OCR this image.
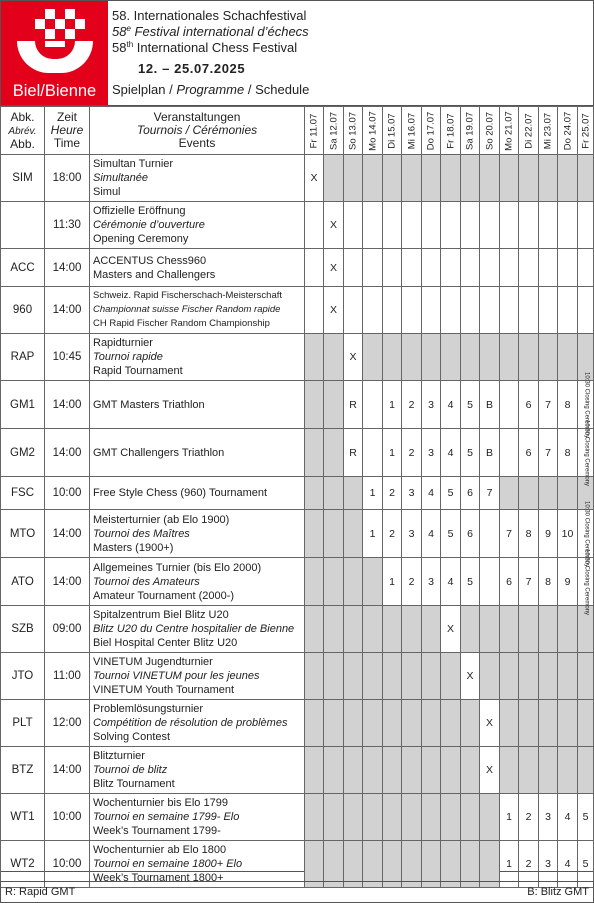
Biel/Bienne
58. Internationales Schachfestival
58e Festival international d’échecs
58th International Chess Festival
12. – 25.07.2025
Spielplan / Programme / Schedule
Abk.
Abrév.
Abb.	Zeit
Heure
Time	Veranstaltungen
Tournois / Cérémonies
Events	Fr 11.07	Sa 12.07	So 13.07	Mo 14.07	Di 15.07	Mi 16.07	Do 17.07	Fr 18.07	Sa 19.07	So 20.07	Mo 21.07	Di 22.07	Mi 23.07	Do 24.07	Fr 25.07

SIM	18:00	Simultan Turnier
Simultanée
Simul	X														
	11:30	Offizielle Eröffnung
Cérémonie d’ouverture
Opening Ceremony		X													
ACC	14:00	ACCENTUS Chess960
Masters and Challengers		X													
960	14:00	Schweiz. Rapid Fischerschach-Meisterschaft
Championnat suisse Fischer Random rapide
CH Rapid Fischer Random Championship		X													
RAP	10:45	Rapidturnier
Tournoi rapide
Rapid Tournament			X												
GM1	14:00	GMT Masters Triathlon			R		1	2	3	4	5	B		6	7	8	10:30 Closing Ceremony

GM2	14:00	GMT Challengers Triathlon			R		1	2	3	4	5	B		6	7	8	10:30 Closing Ceremony

FSC	10:00	Free Style Chess (960) Tournament				1	2	3	4	5	6	7					
MTO	14:00	Meisterturnier (ab Elo 1900)
Tournoi des Maîtres
Masters (1900+)				1	2	3	4	5	6		7	8	9	10	10:30 Closing Ceremony

ATO	14:00	Allgemeines Turnier (bis Elo 2000)
Tournoi des Amateurs
Amateur Tournament (2000-)					1	2	3	4	5		6	7	8	9	10:30 Closing Ceremony

SZB	09:00	Spitalzentrum Biel Blitz U20
Blitz U20 du Centre hospitalier de Bienne
Biel Hospital Center Blitz U20								X							
JTO	11:00	VINETUM Jugendturnier
Tournoi VINETUM pour les jeunes
VINETUM Youth Tournament									X						
PLT	12:00	Problemlösungsturnier
Compétition de résolution de problèmes
Solving Contest										X					
BTZ	14:00	Blitzturnier
Tournoi de blitz
Blitz Tournament										X					
WT1	10:00	Wochenturnier bis Elo 1799
Tournoi en semaine 1799- Elo
Week’s Tournament 1799-											1	2	3	4	5
WT2	10:00	Wochenturnier ab Elo 1800
Tournoi en semaine 1800+ Elo
Week’s Tournament 1800+											1	2	3	4	5
R: Rapid GMT	B: Blitz GMT
